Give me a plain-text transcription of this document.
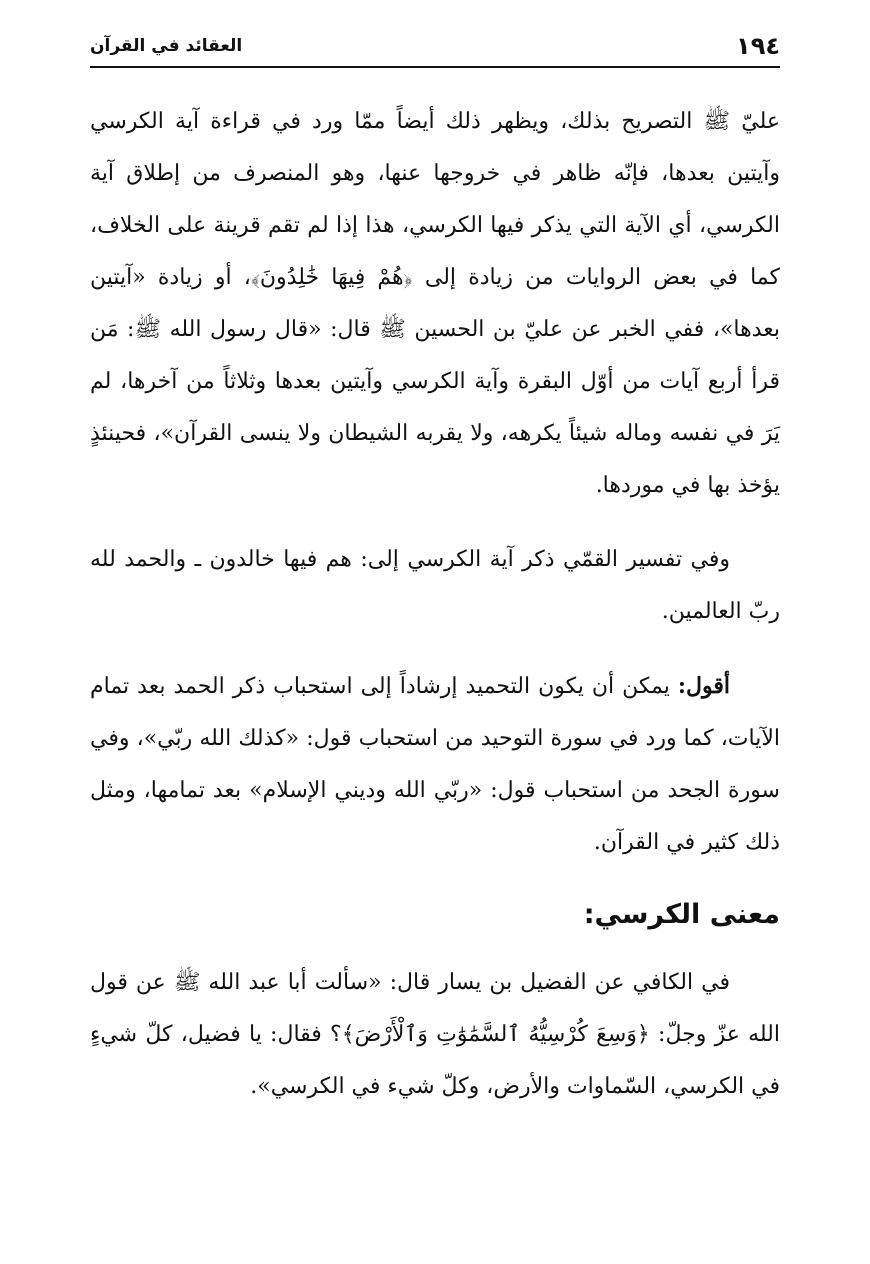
١٩٤
العقائد في القرآن

عليّ ﷺ التصريح بذلك، ويظهر ذلك أيضاً ممّا ورد في قراءة آية الكرسي وآيتين بعدها، فإنّه ظاهر في خروجها عنها، وهو المنصرف من إطلاق آية الكرسي، أي الآية التي يذكر فيها الكرسي، هذا إذا لم تقم قرينة على الخلاف، كما في بعض الروايات من زيادة إلى ﴿هُمْ فِيهَا خَٰلِدُونَ﴾، أو زيادة «آيتين بعدها»، ففي الخبر عن عليّ بن الحسين ﷺ قال: «قال رسول الله ﷺ: مَن قرأ أربع آيات من أوّل البقرة وآية الكرسي وآيتين بعدها وثلاثاً من آخرها، لم يَرَ في نفسه وماله شيئاً يكرهه، ولا يقربه الشيطان ولا ينسى القرآن»، فحينئذٍ يؤخذ بها في موردها.

وفي تفسير القمّي ذكر آية الكرسي إلى: هم فيها خالدون ـ والحمد لله ربّ العالمين.

أقول: يمكن أن يكون التحميد إرشاداً إلى استحباب ذكر الحمد بعد تمام الآيات، كما ورد في سورة التوحيد من استحباب قول: «كذلك الله ربّي»، وفي سورة الجحد من استحباب قول: «ربّي الله وديني الإسلام» بعد تمامها، ومثل ذلك كثير في القرآن.

معنى الكرسي:

في الكافي عن الفضيل بن يسار قال: «سألت أبا عبد الله ﷺ عن قول الله عزّ وجلّ: ﴿وَسِعَ كُرْسِيُّهُ ٱلسَّمَٰوَٰتِ وَٱلْأَرْضَ﴾؟ فقال: يا فضيل، كلّ شيءٍ في الكرسي، السّماوات والأرض، وكلّ شيء في الكرسي».
